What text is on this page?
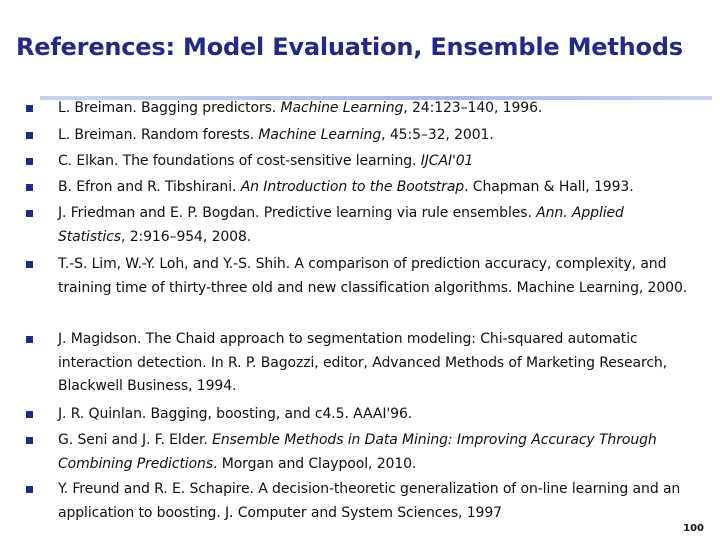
References: Model Evaluation, Ensemble Methods
L. Breiman. Bagging predictors. Machine Learning, 24:123–140, 1996.
L. Breiman. Random forests. Machine Learning, 45:5–32, 2001.
C. Elkan. The foundations of cost-sensitive learning. IJCAI'01
B. Efron and R. Tibshirani. An Introduction to the Bootstrap. Chapman & Hall, 1993.
J. Friedman and E. P. Bogdan. Predictive learning via rule ensembles. Ann. Applied Statistics, 2:916–954, 2008.
T.-S. Lim, W.-Y. Loh, and Y.-S. Shih. A comparison of prediction accuracy, complexity, and training time of thirty-three old and new classification algorithms. Machine Learning, 2000.
J. Magidson. The Chaid approach to segmentation modeling: Chi-squared automatic interaction detection. In R. P. Bagozzi, editor, Advanced Methods of Marketing Research, Blackwell Business, 1994.
J. R. Quinlan. Bagging, boosting, and c4.5. AAAI'96.
G. Seni and J. F. Elder. Ensemble Methods in Data Mining: Improving Accuracy Through Combining Predictions. Morgan and Claypool, 2010.
Y. Freund and R. E. Schapire. A decision-theoretic generalization of on-line learning and an application to boosting. J. Computer and System Sciences, 1997
100
